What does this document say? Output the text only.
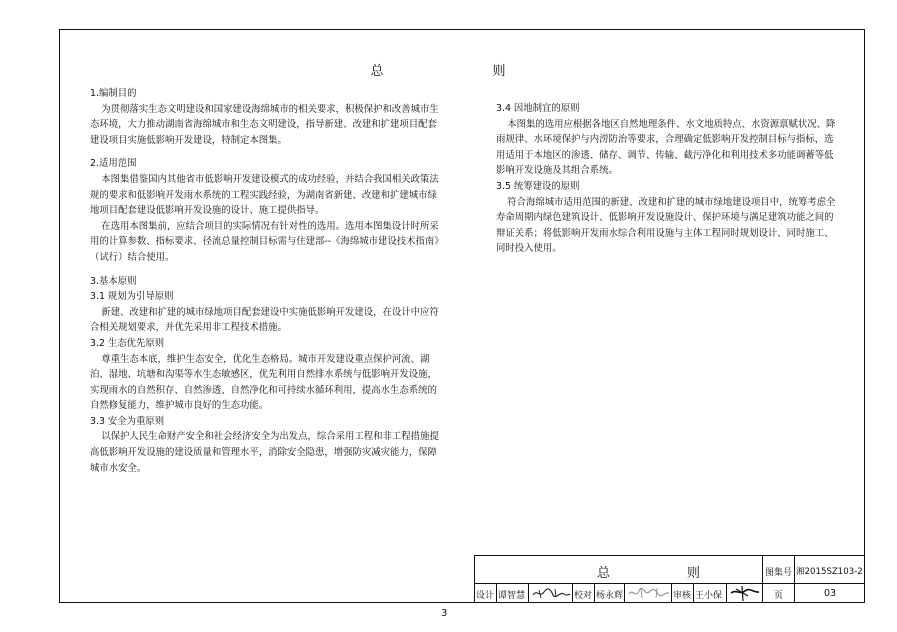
总　则

1.编制目的

为贯彻落实生态文明建设和国家建设海绵城市的相关要求，积极保护和改善城市生态环境，大力推动湖南省海绵城市和生态文明建设，指导新建、改建和扩建项目配套建设项目实施低影响开发建设，特制定本图集。

2.适用范围

本图集借鉴国内其他省市低影响开发建设模式的成功经验，并结合我国相关政策法规的要求和低影响开发雨水系统的工程实践经验，为湖南省新建、改建和扩建城市绿地项目配套建设低影响开发设施的设计、施工提供指导。

在选用本图集前，应结合项目的实际情况有针对性的选用。选用本图集设计时所采用的计算参数、指标要求、径流总量控制目标需与住建部--《海绵城市建设技术指南》（试行）结合使用。

3.基本原则

3.1 规划为引导原则

新建、改建和扩建的城市绿地项目配套建设中实施低影响开发建设，在设计中应符合相关规划要求，并优先采用非工程技术措施。

3.2 生态优先原则

尊重生态本底，维护生态安全，优化生态格局。城市开发建设重点保护河流、湖泊、湿地、坑塘和沟渠等水生态敏感区，优先利用自然排水系统与低影响开发设施，实现雨水的自然积存、自然渗透、自然净化和可持续水循环利用，提高水生态系统的自然修复能力，维护城市良好的生态功能。

3.3 安全为重原则

以保护人民生命财产安全和社会经济安全为出发点，综合采用工程和非工程措施提高低影响开发设施的建设质量和管理水平，消除安全隐患，增强防灾减灾能力，保障城市水安全。

3.4 因地制宜的原则

本图集的选用应根据各地区自然地理条件、水文地质特点、水资源禀赋状况、降雨规律、水环境保护与内涝防治等要求，合理确定低影响开发控制目标与指标，选用适用于本地区的渗透、储存、调节、传输、截污净化和利用技术多功能调蓄等低影响开发设施及其组合系统。

3.5 统筹建设的原则

符合海绵城市适用范围的新建、改建和扩建的城市绿地建设项目中，统筹考虑全寿命周期内绿色建筑设计、低影响开发设施设计、保护环境与满足建筑功能之间的辩证关系；将低影响开发雨水综合利用设施与主体工程同时规划设计、同时施工、同时投入使用。

总　则	图集号 湘2015SZ103-2
设计 谭智慧	校对 杨永辉	审核 王小保	页	03
3
